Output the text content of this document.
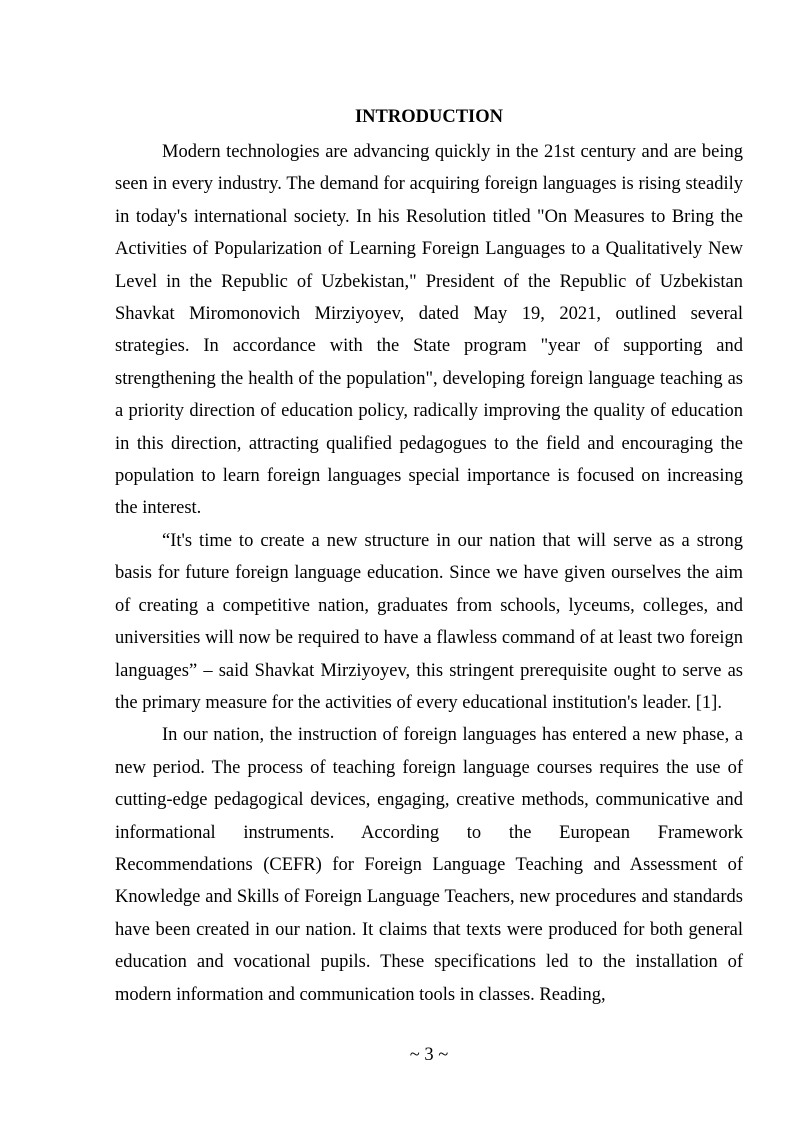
INTRODUCTION

Modern technologies are advancing quickly in the 21st century and are being seen in every industry. The demand for acquiring foreign languages is rising steadily in today's international society. In his Resolution titled "On Measures to Bring the Activities of Popularization of Learning Foreign Languages to a Qualitatively New Level in the Republic of Uzbekistan," President of the Republic of Uzbekistan Shavkat Miromonovich Mirziyoyev, dated May 19, 2021, outlined several strategies. In accordance with the State program "year of supporting and strengthening the health of the population", developing foreign language teaching as a priority direction of education policy, radically improving the quality of education in this direction, attracting qualified pedagogues to the field and encouraging the population to learn foreign languages special importance is focused on increasing the interest.

“It's time to create a new structure in our nation that will serve as a strong basis for future foreign language education. Since we have given ourselves the aim of creating a competitive nation, graduates from schools, lyceums, colleges, and universities will now be required to have a flawless command of at least two foreign languages” – said Shavkat Mirziyoyev, this stringent prerequisite ought to serve as the primary measure for the activities of every educational institution's leader. [1].

In our nation, the instruction of foreign languages has entered a new phase, a new period. The process of teaching foreign language courses requires the use of cutting-edge pedagogical devices, engaging, creative methods, communicative and informational instruments. According to the European Framework Recommendations (CEFR) for Foreign Language Teaching and Assessment of Knowledge and Skills of Foreign Language Teachers, new procedures and standards have been created in our nation. It claims that texts were produced for both general education and vocational pupils. These specifications led to the installation of modern information and communication tools in classes. Reading,

~ 3 ~
